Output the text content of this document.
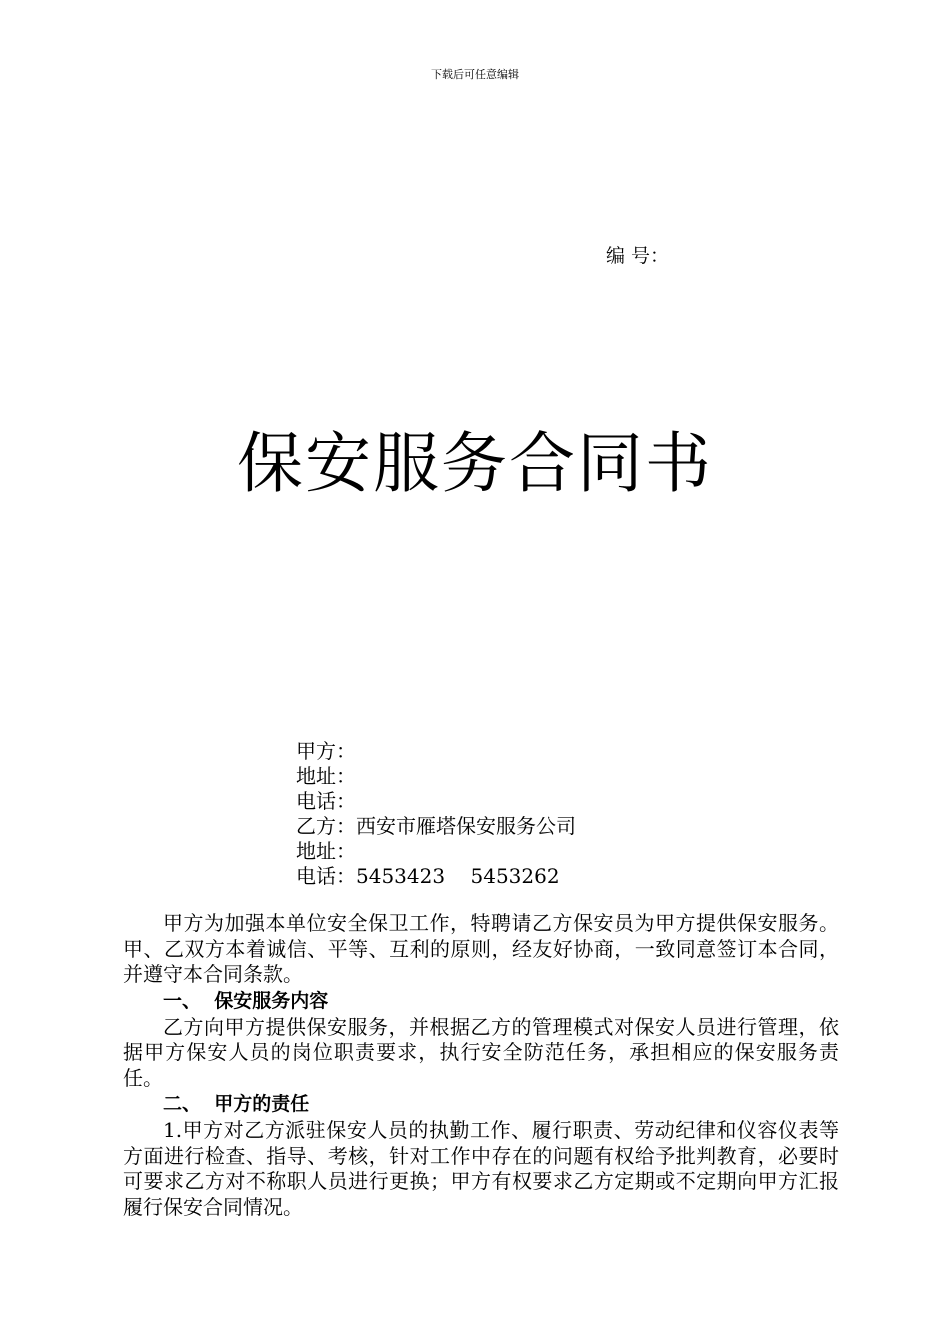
下载后可任意编辑
编 号：
保安服务合同书
甲方：
地址：
电话：
乙方：西安市雁塔保安服务公司
地址：
电话：5453423    5453262

甲方为加强本单位安全保卫工作，特聘请乙方保安员为甲方提供保安服务。甲、乙双方本着诚信、平等、互利的原则，经友好协商，一致同意签订本合同，并遵守本合同条款。

一、  保安服务内容

乙方向甲方提供保安服务，并根据乙方的管理模式对保安人员进行管理，依据甲方保安人员的岗位职责要求，执行安全防范任务，承担相应的保安服务责任。

二、  甲方的责任

1.甲方对乙方派驻保安人员的执勤工作、履行职责、劳动纪律和仪容仪表等方面进行检查、指导、考核，针对工作中存在的问题有权给予批判教育，必要时可要求乙方对不称职人员进行更换；甲方有权要求乙方定期或不定期向甲方汇报履行保安合同情况。
